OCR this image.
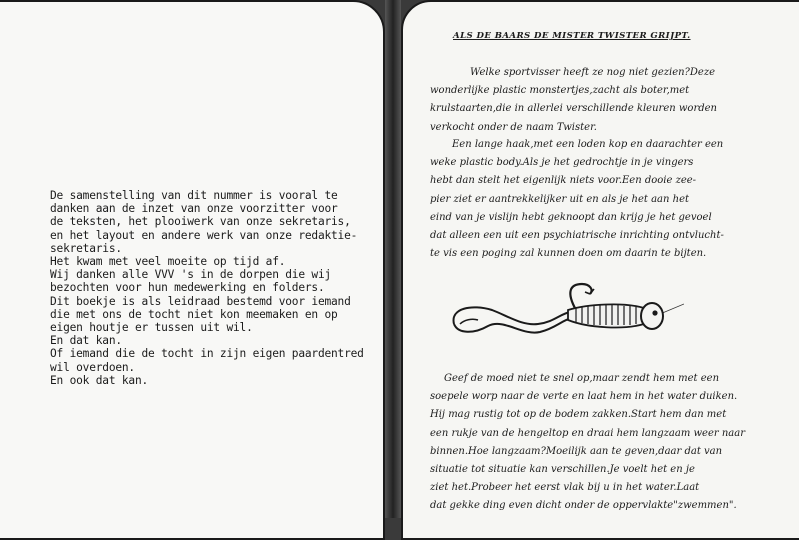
De samenstelling van dit nummer is vooral te
danken aan de inzet van onze voorzitter voor
de teksten, het plooiwerk van onze sekretaris,
en het layout en andere werk van onze redaktie-
sekretaris.
Het kwam met veel moeite op tijd af.
Wij danken alle VVV 's in de dorpen die wij
bezochten voor hun medewerking en folders.
Dit boekje is als leidraad bestemd voor iemand
die met ons de tocht niet kon meemaken en op
eigen houtje er tussen uit wil.
En dat kan.
Of iemand die de tocht in zijn eigen paardentred
wil overdoen.
En ook dat kan.
ALS DE BAARS DE MISTER TWISTER GRIJPT.
Welke sportvisser heeft ze nog niet gezien?Deze
wonderlijke plastic monstertjes,zacht als boter,met
krulstaarten,die in allerlei verschillende kleuren worden
verkocht onder de naam Twister.
Een lange haak,met een loden kop en daarachter een
weke plastic body.Als je het gedrochtje in je vingers
hebt dan stelt het eigenlijk niets voor.Een dooie zee-
pier ziet er aantrekkelijker uit en als je het aan het
eind van je vislijn hebt geknoopt dan krijg je het gevoel
dat alleen een uit een psychiatrische inrichting ontvlucht-
te vis een poging zal kunnen doen om daarin te bijten.
Geef de moed niet te snel op,maar zendt hem met een
soepele worp naar de verte en laat hem in het water duiken.
Hij mag rustig tot op de bodem zakken.Start hem dan met
een rukje van de hengeltop en draai hem langzaam weer naar
binnen.Hoe langzaam?Moeilijk aan te geven,daar dat van
situatie tot situatie kan verschillen.Je voelt het en je
ziet het.Probeer het eerst vlak bij u in het water.Laat
dat gekke ding even dicht onder de oppervlakte"zwemmen".
